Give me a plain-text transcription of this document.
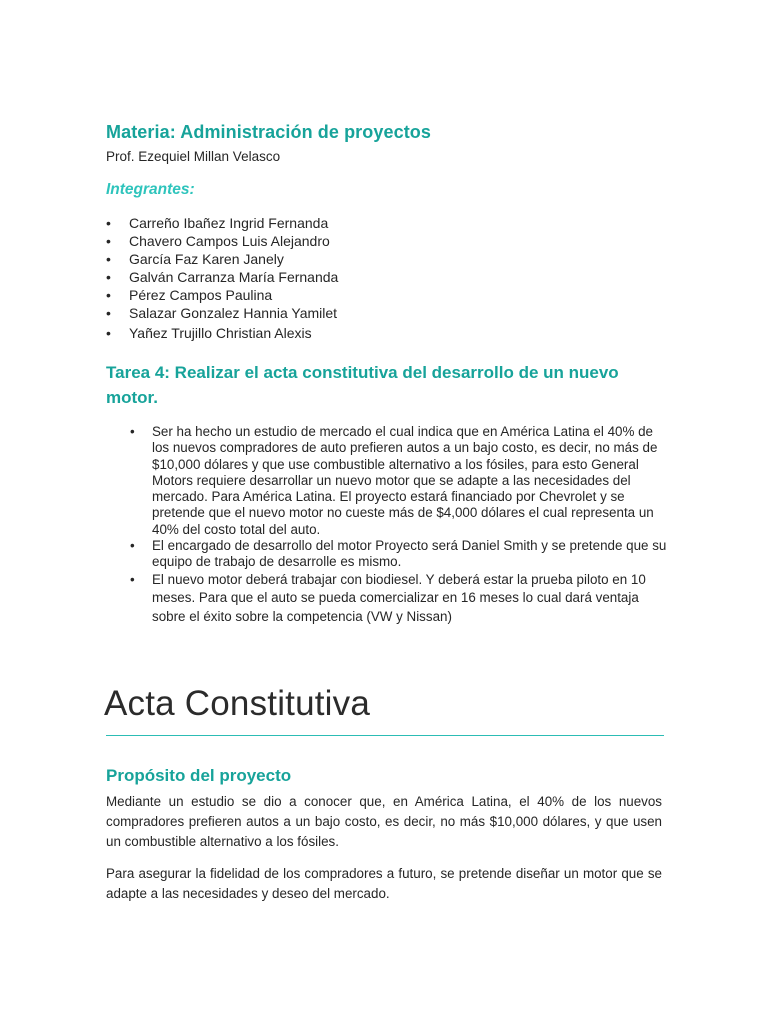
Materia: Administración de proyectos

Prof. Ezequiel Millan Velasco

Integrantes:
• Carreño Ibañez Ingrid Fernanda
• Chavero Campos Luis Alejandro
• García Faz Karen Janely
• Galván Carranza María Fernanda
• Pérez Campos Paulina
• Salazar Gonzalez Hannia Yamilet
• Yañez Trujillo Christian Alexis
Tarea 4: Realizar el acta constitutiva del desarrollo de un nuevo motor.
• Ser ha hecho un estudio de mercado el cual indica que en América Latina el 40% de los nuevos compradores de auto prefieren autos a un bajo costo, es decir, no más de $10,000 dólares y que use combustible alternativo a los fósiles, para esto General Motors requiere desarrollar un nuevo motor que se adapte a las necesidades del mercado. Para América Latina. El proyecto estará financiado por Chevrolet y se pretende que el nuevo motor no cueste más de $4,000 dólares el cual representa un 40% del costo total del auto.
• El encargado de desarrollo del motor Proyecto será Daniel Smith y se pretende que su equipo de trabajo de desarrolle es mismo.
• El nuevo motor deberá trabajar con biodiesel. Y deberá estar la prueba piloto en 10 meses. Para que el auto se pueda comercializar en 16 meses lo cual dará ventaja sobre el éxito sobre la competencia (VW y Nissan)
Acta Constitutiva
Propósito del proyecto

Mediante un estudio se dio a conocer que, en América Latina, el 40% de los nuevos compradores prefieren autos a un bajo costo, es decir, no más $10,000 dólares, y que usen un combustible alternativo a los fósiles.

Para asegurar la fidelidad de los compradores a futuro, se pretende diseñar un motor que se adapte a las necesidades y deseo del mercado.
